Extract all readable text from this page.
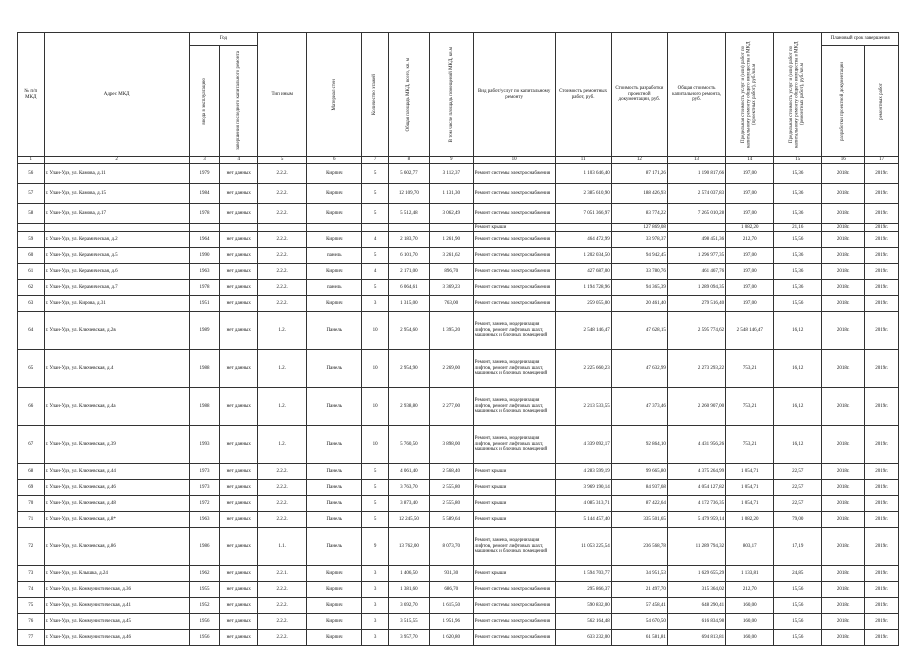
№ п/п МКД	Адрес МКД	Год		Тип иным	Материал стен	Количество этажей	Общая площадь МКД, всего, кв. м	В том числе площадь помещений МКД, кв.м	Вид работ/услуг по капитальному ремонту	Стоимость ремонтных работ, руб.	Стоимость разработки проектной документации, руб.	Общая стоимость капитального ремонта, руб.	Предельная стоимость услуг и (или) работ по капитальному ремонту общего имущества в МКД (проектных работ), руб./кв.м	Предельная стоимость услуг и (или) работ по капитальному ремонту общего имущества в МКД (ремонтных работ), руб./кв.м	Плановый срок завершения	

		ввода в эксплуатацию	завершения последнего капитального ремонта												разработки проектной документации	ремонтных работ

1	2	3	4	5	6	7	8	9	10	11	12	13	14	15	16	17
56	г. Улан-Удэ, ул. Камова, д.11	1979	нет данных	2.2.2.	Кирпич	5	5 602,77	3 112,37	Ремонт системы электроснабжения	1 103 646,40	87 171,26	1 190 817,66	197,00	15,36	2018г.	2019г.
57	г. Улан-Удэ, ул. Камова, д.15	1984	нет данных	2.2.2.	Кирпич	5	12 109,70	1 131,30	Ремонт системы электроснабжения	2 385 610,90	188 426,93	2 574 037,83	197,00	15,36	2018г.	2019г.
58	г. Улан-Удэ, ул. Камова, д.17	1978	нет данных	2.2.2.	Кирпич	5	5 512,48	3 062,49	Ремонт системы электроснабжения	7 051 366,97	83 774,22	7 265 010,28	197,00	15,36	2018г.	2019г.
									Ремонт крыши		127 869,08		1 082,20	21,16	2018г.	2019г.
59	г. Улан-Удэ, ул. Керамическая, д.2	1964	нет данных	2.2.2.	Кирпич	4	2 183,70	1 261,90	Ремонт системы электроснабжения	464 472,99	33 978,37	498 451,36	212,70	15,56	2018г.	2019г.
60	г. Улан-Удэ, ул. Керамическая, д.5	1990	нет данных	2.2.2.	панель	5	6 101,70	3 261,62	Ремонт системы электроснабжения	1 202 034,50	94 942,45	1 296 977,35	197,00	15,36	2018г.	2019г.
61	г. Улан-Удэ, ул. Керамическая, д.6	1963	нет данных	2.2.2.	Кирпич	4	2 171,00	896,70	Ремонт системы электроснабжения	427 687,00	33 780,76	461 467,76	197,00	15,36	2018г.	2019г.
62	г. Улан-Удэ, ул. Керамическая, д.7	1978	нет данных	2.2.2.	панель	5	6 064,61	3 369,23	Ремонт системы электроснабжения	1 194 728,96	94 365,39	1 289 094,35	197,00	15,36	2018г.	2019г.
63	г. Улан-Удэ, ул. Кирова, д.31	1951	нет данных	2.2.2.	Кирпич	3	1 315,00	763,00	Ремонт системы электроснабжения	259 055,00	20 461,40	279 516,40	197,00	15,56	2018г.	2019г.
64	г. Улан-Удэ, ул. Ключевская, д.2в	1989	нет данных	1.2.	Панель	10	2 954,60	1 395,20	Ремонт, замена, модернизация лифтов, ремонт лифтовых шахт, машинных и блочных помещений	2 548 146,47	47 628,15	2 595 774,62	2 548 146,47	16,12	2018г.	2019г.
65	г. Улан-Удэ, ул. Ключевская, д.4	1988	нет данных	1.2.	Панель	10	2 954,90	2 269,00	Ремонт, замена, модернизация лифтов, ремонт лифтовых шахт, машинных и блочных помещений	2 225 660,23	47 632,99	2 273 293,22	753,21	16,12	2018г.	2019г.
66	г. Улан-Удэ, ул. Ключевская, д.4а	1988	нет данных	1.2.	Панель	10	2 938,80	2 277,00	Ремонт, замена, модернизация лифтов, ремонт лифтовых шахт, машинных и блочных помещений	2 213 533,55	47 373,46	2 260 907,00	753,21	16,12	2018г.	2019г.
67	г. Улан-Удэ, ул. Ключевская, д.39	1993	нет данных	1.2.	Панель	10	5 760,50	3 898,00	Ремонт, замена, модернизация лифтов, ремонт лифтовых шахт, машинных и блочных помещений	4 339 092,17	92 864,10	4 431 956,26	753,21	16,12	2018г.	2019г.
68	г. Улан-Удэ, ул. Ключевская, д.44	1973	нет данных	2.2.2.	Панель	5	4 061,40	2 568,40	Ремонт крыши	4 283 599,19	99 665,80	4 375 264,99	1 054,71	22,57	2018г.	2019г.
69	г. Улан-Удэ, ул. Ключевская, д.46	1973	нет данных	2.2.2.	Панель	5	3 763,70	2 555,80	Ремонт крыши	3 969 190,14	84 937,68	4 054 127,82	1 054,71	22,57	2018г.	2019г.
70	г. Улан-Удэ, ул. Ключевская, д.48	1972	нет данных	2.2.2.	Панель	5	3 873,40	2 555,80	Ремонт крыши	4 085 313,71	87 422,64	4 172 736,35	1 054,71	22,57	2018г.	2019г.
71	г. Улан-Удэ, ул. Ключевская, д.8*	1963	нет данных	2.2.2.	Панель	5	12 245,50	5 589,64	Ремонт крыши	5 144 457,40	335 501,65	5 479 959,14	1 082,20	79,00	2018г.	2019г.
72	г. Улан-Удэ, ул. Ключевская, д.86	1986	нет данных	1.1.	Панель	9	13 762,00	8 073,70	Ремонт, замена, модернизация лифтов, ремонт лифтовых шахт, машинных и блочных помещений	11 053 225,54	236 568,78	11 289 794,32	803,17	17,19	2018г.	2019г.
73	г. Улан-Удэ, ул. Клышка, д.24	1962	нет данных	2.2.1.	Кирпич	3	1 406,50	931,30	Ремонт крыши	1 594 703,77	34 951,53	1 629 655,29	1 133,81	24,85	2018г.	2019г.
74	г. Улан-Удэ, ул. Коммунистическая, д.36	1955	нет данных	2.2.2.	Кирпич	3	1 381,60	686,70	Ремонт системы электроснабжения	295 866,37	21 497,70	315 364,02	212,70	15,56	2018г.	2019г.
75	г. Улан-Удэ, ул. Коммунистическая, д.41	1952	нет данных	2.2.2.	Кирпич	3	3 692,70	1 615,50	Ремонт системы электроснабжения	590 832,00	57 458,41	648 290,41	160,00	15,56	2018г.	2019г.
76	г. Улан-Удэ, ул. Коммунистическая, д.45	1956	нет данных	2.2.2.	Кирпич	3	3 515,55	1 951,96	Ремонт системы электроснабжения	562 164,48	54 670,50	616 834,98	160,00	15,56	2018г.	2019г.
77	г. Улан-Удэ, ул. Коммунистическая, д.46	1956	нет данных	2.2.2.	Кирпич	3	3 957,70	1 620,80	Ремонт системы электроснабжения	633 232,00	61 581,81	694 813,81	160,00	15,56	2018г.	2019г.
